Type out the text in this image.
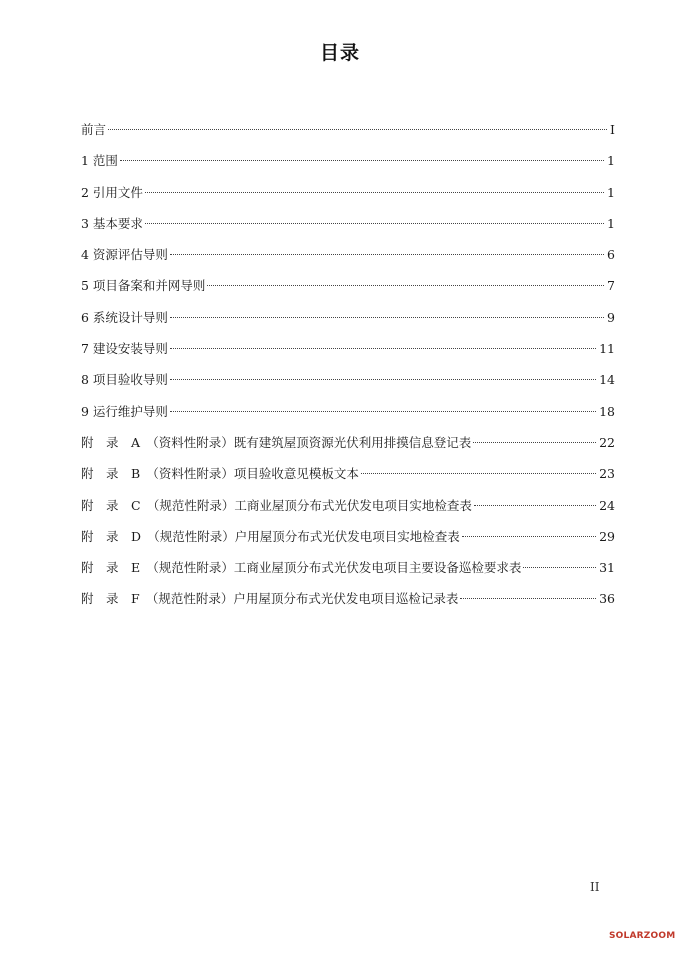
目录
前言	I
1 范围	1
2 引用文件	1
3 基本要求	1
4 资源评估导则	6
5 项目备案和并网导则	7
6 系统设计导则	9
7 建设安装导则	11
8 项目验收导则	14
9 运行维护导则	18
附　录　A　（资料性附录）既有建筑屋顶资源光伏利用排摸信息登记表	22
附　录　B　（资料性附录）项目验收意见模板文本	23
附　录　C　（规范性附录）工商业屋顶分布式光伏发电项目实地检查表	24
附　录　D　（规范性附录）户用屋顶分布式光伏发电项目实地检查表	29
附　录　E　（规范性附录）工商业屋顶分布式光伏发电项目主要设备巡检要求表	31
附　录　F　（规范性附录）户用屋顶分布式光伏发电项目巡检记录表	36
II
SOLARZOOM
